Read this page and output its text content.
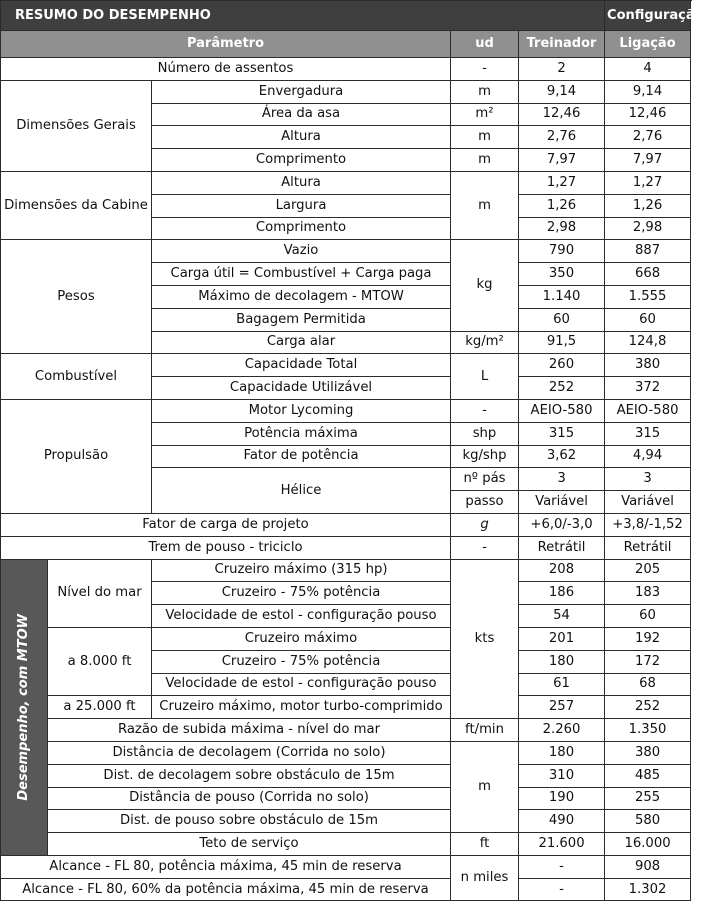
RESUMO DO DESEMPENHO					Configuração
Parâmetro			ud	Treinador	Ligação
Número de assentos			-	2	4
Dimensões Gerais		Envergadura	m	9,14	9,14
		Área da asa	m²	12,46	12,46
		Altura	m	2,76	2,76
		Comprimento	m	7,97	7,97
Dimensões da Cabine		Altura	m	1,27	1,27
		Largura		1,26	1,26
		Comprimento		2,98	2,98
Pesos		Vazio	kg	790	887
		Carga útil = Combustível + Carga paga		350	668
		Máximo de decolagem - MTOW		1.140	1.555
		Bagagem Permitida		60	60
		Carga alar	kg/m²	91,5	124,8
Combustível		Capacidade Total	L	260	380
		Capacidade Utilizável		252	372
Propulsão		Motor Lycoming	-	AEIO-580	AEIO-580
		Potência máxima	shp	315	315
		Fator de potência	kg/shp	3,62	4,94
		Hélice	nº pás	3	3
			passo	Variável	Variável
Fator de carga de projeto			g	+6,0/-3,0	+3,8/-1,52
Trem de pouso - triciclo			-	Retrátil	Retrátil

Desempenho, com MTOW	Nível do mar	Cruzeiro máximo (315 hp)	kts	208	205
		Cruzeiro - 75% potência		186	183
		Velocidade de estol - configuração pouso		54	60
	a 8.000 ft	Cruzeiro máximo		201	192
		Cruzeiro - 75% potência		180	172
		Velocidade de estol - configuração pouso		61	68
	a 25.000 ft	Cruzeiro máximo, motor turbo-comprimido		257	252
	Razão de subida máxima - nível do mar		ft/min	2.260	1.350
	Distância de decolagem (Corrida no solo)		m	180	380
	Dist. de decolagem sobre obstáculo de 15m			310	485
	Distância de pouso (Corrida no solo)			190	255
	Dist. de pouso sobre obstáculo de 15m			490	580
	Teto de serviço		ft	21.600	16.000
Alcance - FL 80, potência máxima, 45 min de reserva			n miles	-	908
Alcance - FL 80, 60% da potência máxima, 45 min de reserva				-	1.302
